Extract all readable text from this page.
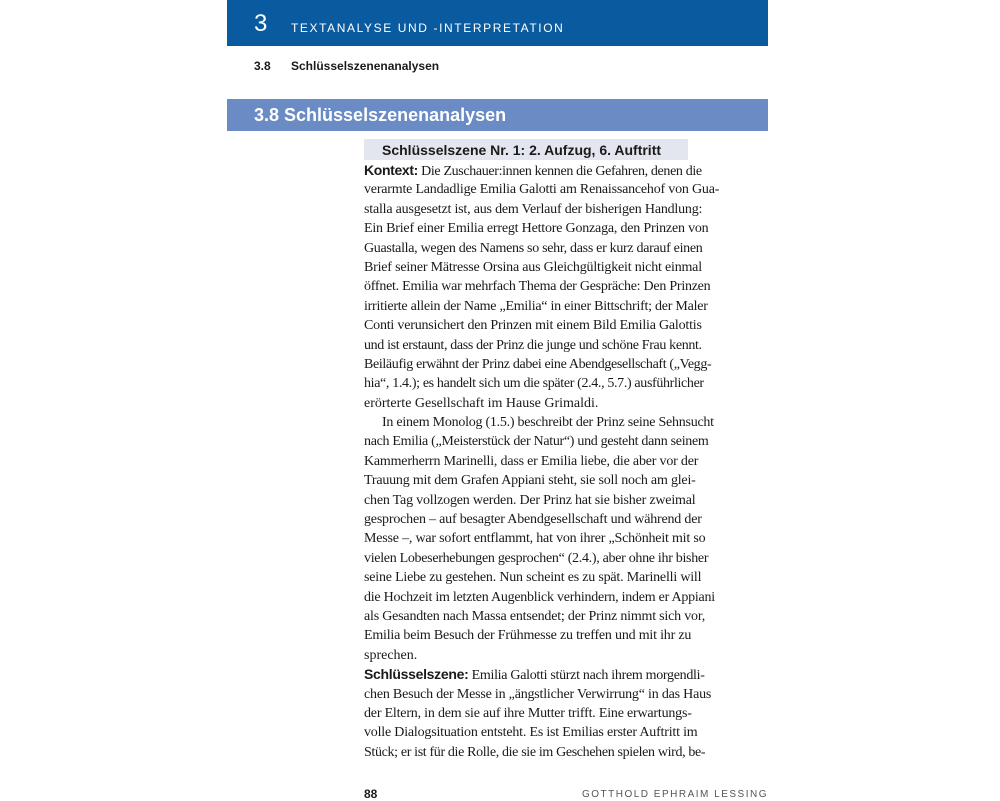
3 TEXTANALYSE UND -INTERPRETATION
3.8 Schlüsselszenenanalysen
3.8 Schlüsselszenenanalysen
Schlüsselszene Nr. 1: 2. Aufzug, 6. Auftritt
Kontext: Die Zuschauer:innen kennen die Gefahren, denen die
verarmte Landadlige Emilia Galotti am Renaissancehof von Gua-
stalla ausgesetzt ist, aus dem Verlauf der bisherigen Handlung:
Ein Brief einer Emilia erregt Hettore Gonzaga, den Prinzen von
Guastalla, wegen des Namens so sehr, dass er kurz darauf einen
Brief seiner Mätresse Orsina aus Gleichgültigkeit nicht einmal
öffnet. Emilia war mehrfach Thema der Gespräche: Den Prinzen
irritierte allein der Name „Emilia“ in einer Bittschrift; der Maler
Conti verunsichert den Prinzen mit einem Bild Emilia Galottis
und ist erstaunt, dass der Prinz die junge und schöne Frau kennt.
Beiläufig erwähnt der Prinz dabei eine Abendgesellschaft („Vegg-
hia“, 1.4.); es handelt sich um die später (2.4., 5.7.) ausführlicher
erörterte Gesellschaft im Hause Grimaldi.
In einem Monolog (1.5.) beschreibt der Prinz seine Sehnsucht
nach Emilia („Meisterstück der Natur“) und gesteht dann seinem
Kammerherrn Marinelli, dass er Emilia liebe, die aber vor der
Trauung mit dem Grafen Appiani steht, sie soll noch am glei-
chen Tag vollzogen werden. Der Prinz hat sie bisher zweimal
gesprochen – auf besagter Abendgesellschaft und während der
Messe –, war sofort entflammt, hat von ihrer „Schönheit mit so
vielen Lobeserhebungen gesprochen“ (2.4.), aber ohne ihr bisher
seine Liebe zu gestehen. Nun scheint es zu spät. Marinelli will
die Hochzeit im letzten Augenblick verhindern, indem er Appiani
als Gesandten nach Massa entsendet; der Prinz nimmt sich vor,
Emilia beim Besuch der Frühmesse zu treffen und mit ihr zu
sprechen.
Schlüsselszene: Emilia Galotti stürzt nach ihrem morgendli-
chen Besuch der Messe in „ängstlicher Verwirrung“ in das Haus
der Eltern, in dem sie auf ihre Mutter trifft. Eine erwartungs-
volle Dialogsituation entsteht. Es ist Emilias erster Auftritt im
Stück; er ist für die Rolle, die sie im Geschehen spielen wird, be-
88	GOTTHOLD EPHRAIM LESSING
